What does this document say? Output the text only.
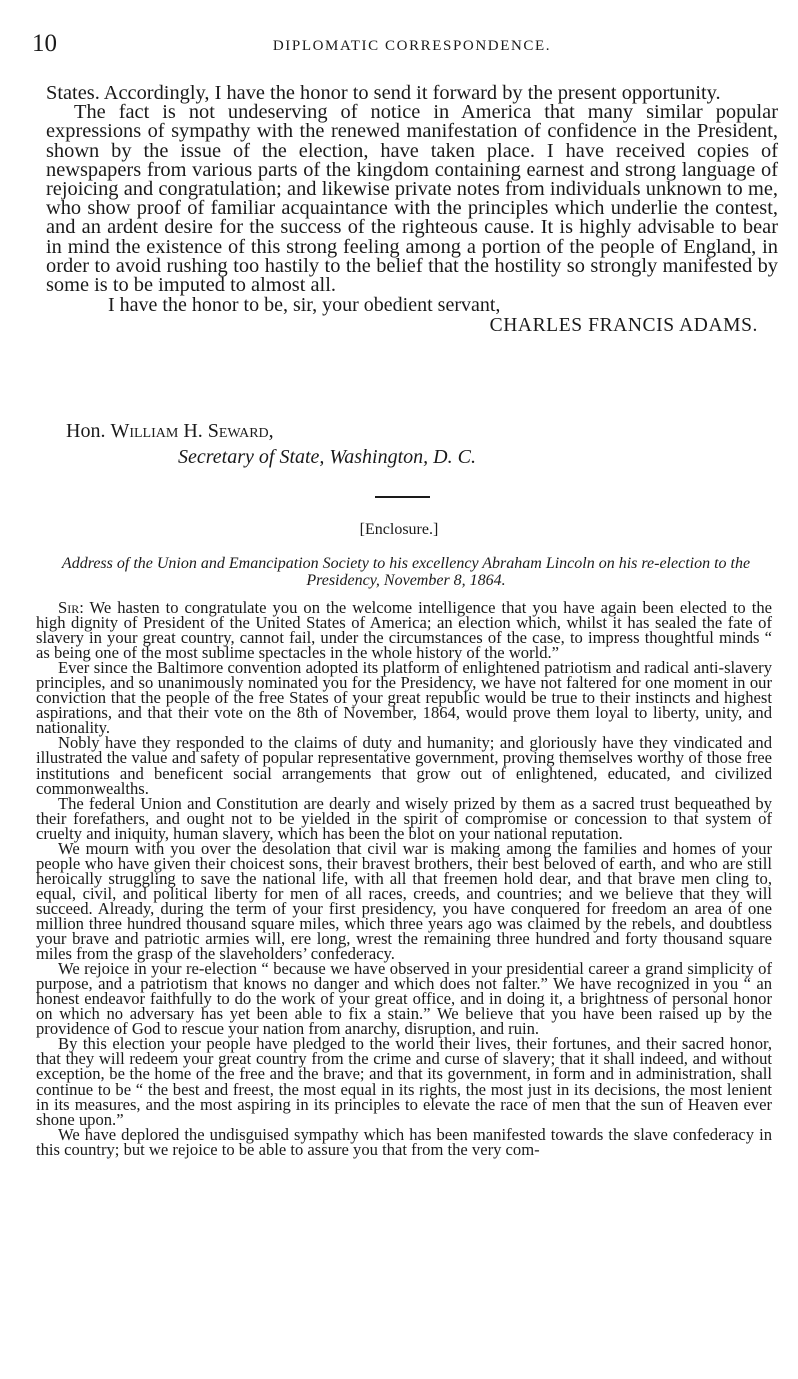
10	DIPLOMATIC CORRESPONDENCE.

States. Accordingly, I have the honor to send it forward by the present opportunity.

The fact is not undeserving of notice in America that many similar popular expressions of sympathy with the renewed manifestation of confidence in the President, shown by the issue of the election, have taken place. I have received copies of newspapers from various parts of the kingdom containing earnest and strong language of rejoicing and congratulation; and likewise private notes from individuals unknown to me, who show proof of familiar acquaintance with the principles which underlie the contest, and an ardent desire for the success of the righteous cause. It is highly advisable to bear in mind the existence of this strong feeling among a portion of the people of England, in order to avoid rushing too hastily to the belief that the hostility so strongly manifested by some is to be imputed to almost all.

I have the honor to be, sir, your obedient servant,

CHARLES FRANCIS ADAMS.

Hon. William H. Seward,
Secretary of State, Washington, D. C.
[Enclosure.]
Address of the Union and Emancipation Society to his excellency Abraham Lincoln on his re-election to the Presidency, November 8, 1864.

Sir: We hasten to congratulate you on the welcome intelligence that you have again been elected to the high dignity of President of the United States of America; an election which, whilst it has sealed the fate of slavery in your great country, cannot fail, under the circumstances of the case, to impress thoughtful minds “ as being one of the most sublime spectacles in the whole history of the world.”

Ever since the Baltimore convention adopted its platform of enlightened patriotism and radical anti-slavery principles, and so unanimously nominated you for the Presidency, we have not faltered for one moment in our conviction that the people of the free States of your great republic would be true to their instincts and highest aspirations, and that their vote on the 8th of November, 1864, would prove them loyal to liberty, unity, and nationality.

Nobly have they responded to the claims of duty and humanity; and gloriously have they vindicated and illustrated the value and safety of popular representative government, proving themselves worthy of those free institutions and beneficent social arrangements that grow out of enlightened, educated, and civilized commonwealths.

The federal Union and Constitution are dearly and wisely prized by them as a sacred trust bequeathed by their forefathers, and ought not to be yielded in the spirit of compromise or concession to that system of cruelty and iniquity, human slavery, which has been the blot on your national reputation.

We mourn with you over the desolation that civil war is making among the families and homes of your people who have given their choicest sons, their bravest brothers, their best beloved of earth, and who are still heroically struggling to save the national life, with all that freemen hold dear, and that brave men cling to, equal, civil, and political liberty for men of all races, creeds, and countries; and we believe that they will succeed. Already, during the term of your first presidency, you have conquered for freedom an area of one million three hundred thousand square miles, which three years ago was claimed by the rebels, and doubtless your brave and patriotic armies will, ere long, wrest the remaining three hundred and forty thousand square miles from the grasp of the slaveholders’ confederacy.

We rejoice in your re-election “ because we have observed in your presidential career a grand simplicity of purpose, and a patriotism that knows no danger and which does not falter.” We have recognized in you “ an honest endeavor faithfully to do the work of your great office, and in doing it, a brightness of personal honor on which no adversary has yet been able to fix a stain.” We believe that you have been raised up by the providence of God to rescue your nation from anarchy, disruption, and ruin.

By this election your people have pledged to the world their lives, their fortunes, and their sacred honor, that they will redeem your great country from the crime and curse of slavery; that it shall indeed, and without exception, be the home of the free and the brave; and that its government, in form and in administration, shall continue to be “ the best and freest, the most equal in its rights, the most just in its decisions, the most lenient in its measures, and the most aspiring in its principles to elevate the race of men that the sun of Heaven ever shone upon.”

We have deplored the undisguised sympathy which has been manifested towards the slave confederacy in this country; but we rejoice to be able to assure you that from the very com-
